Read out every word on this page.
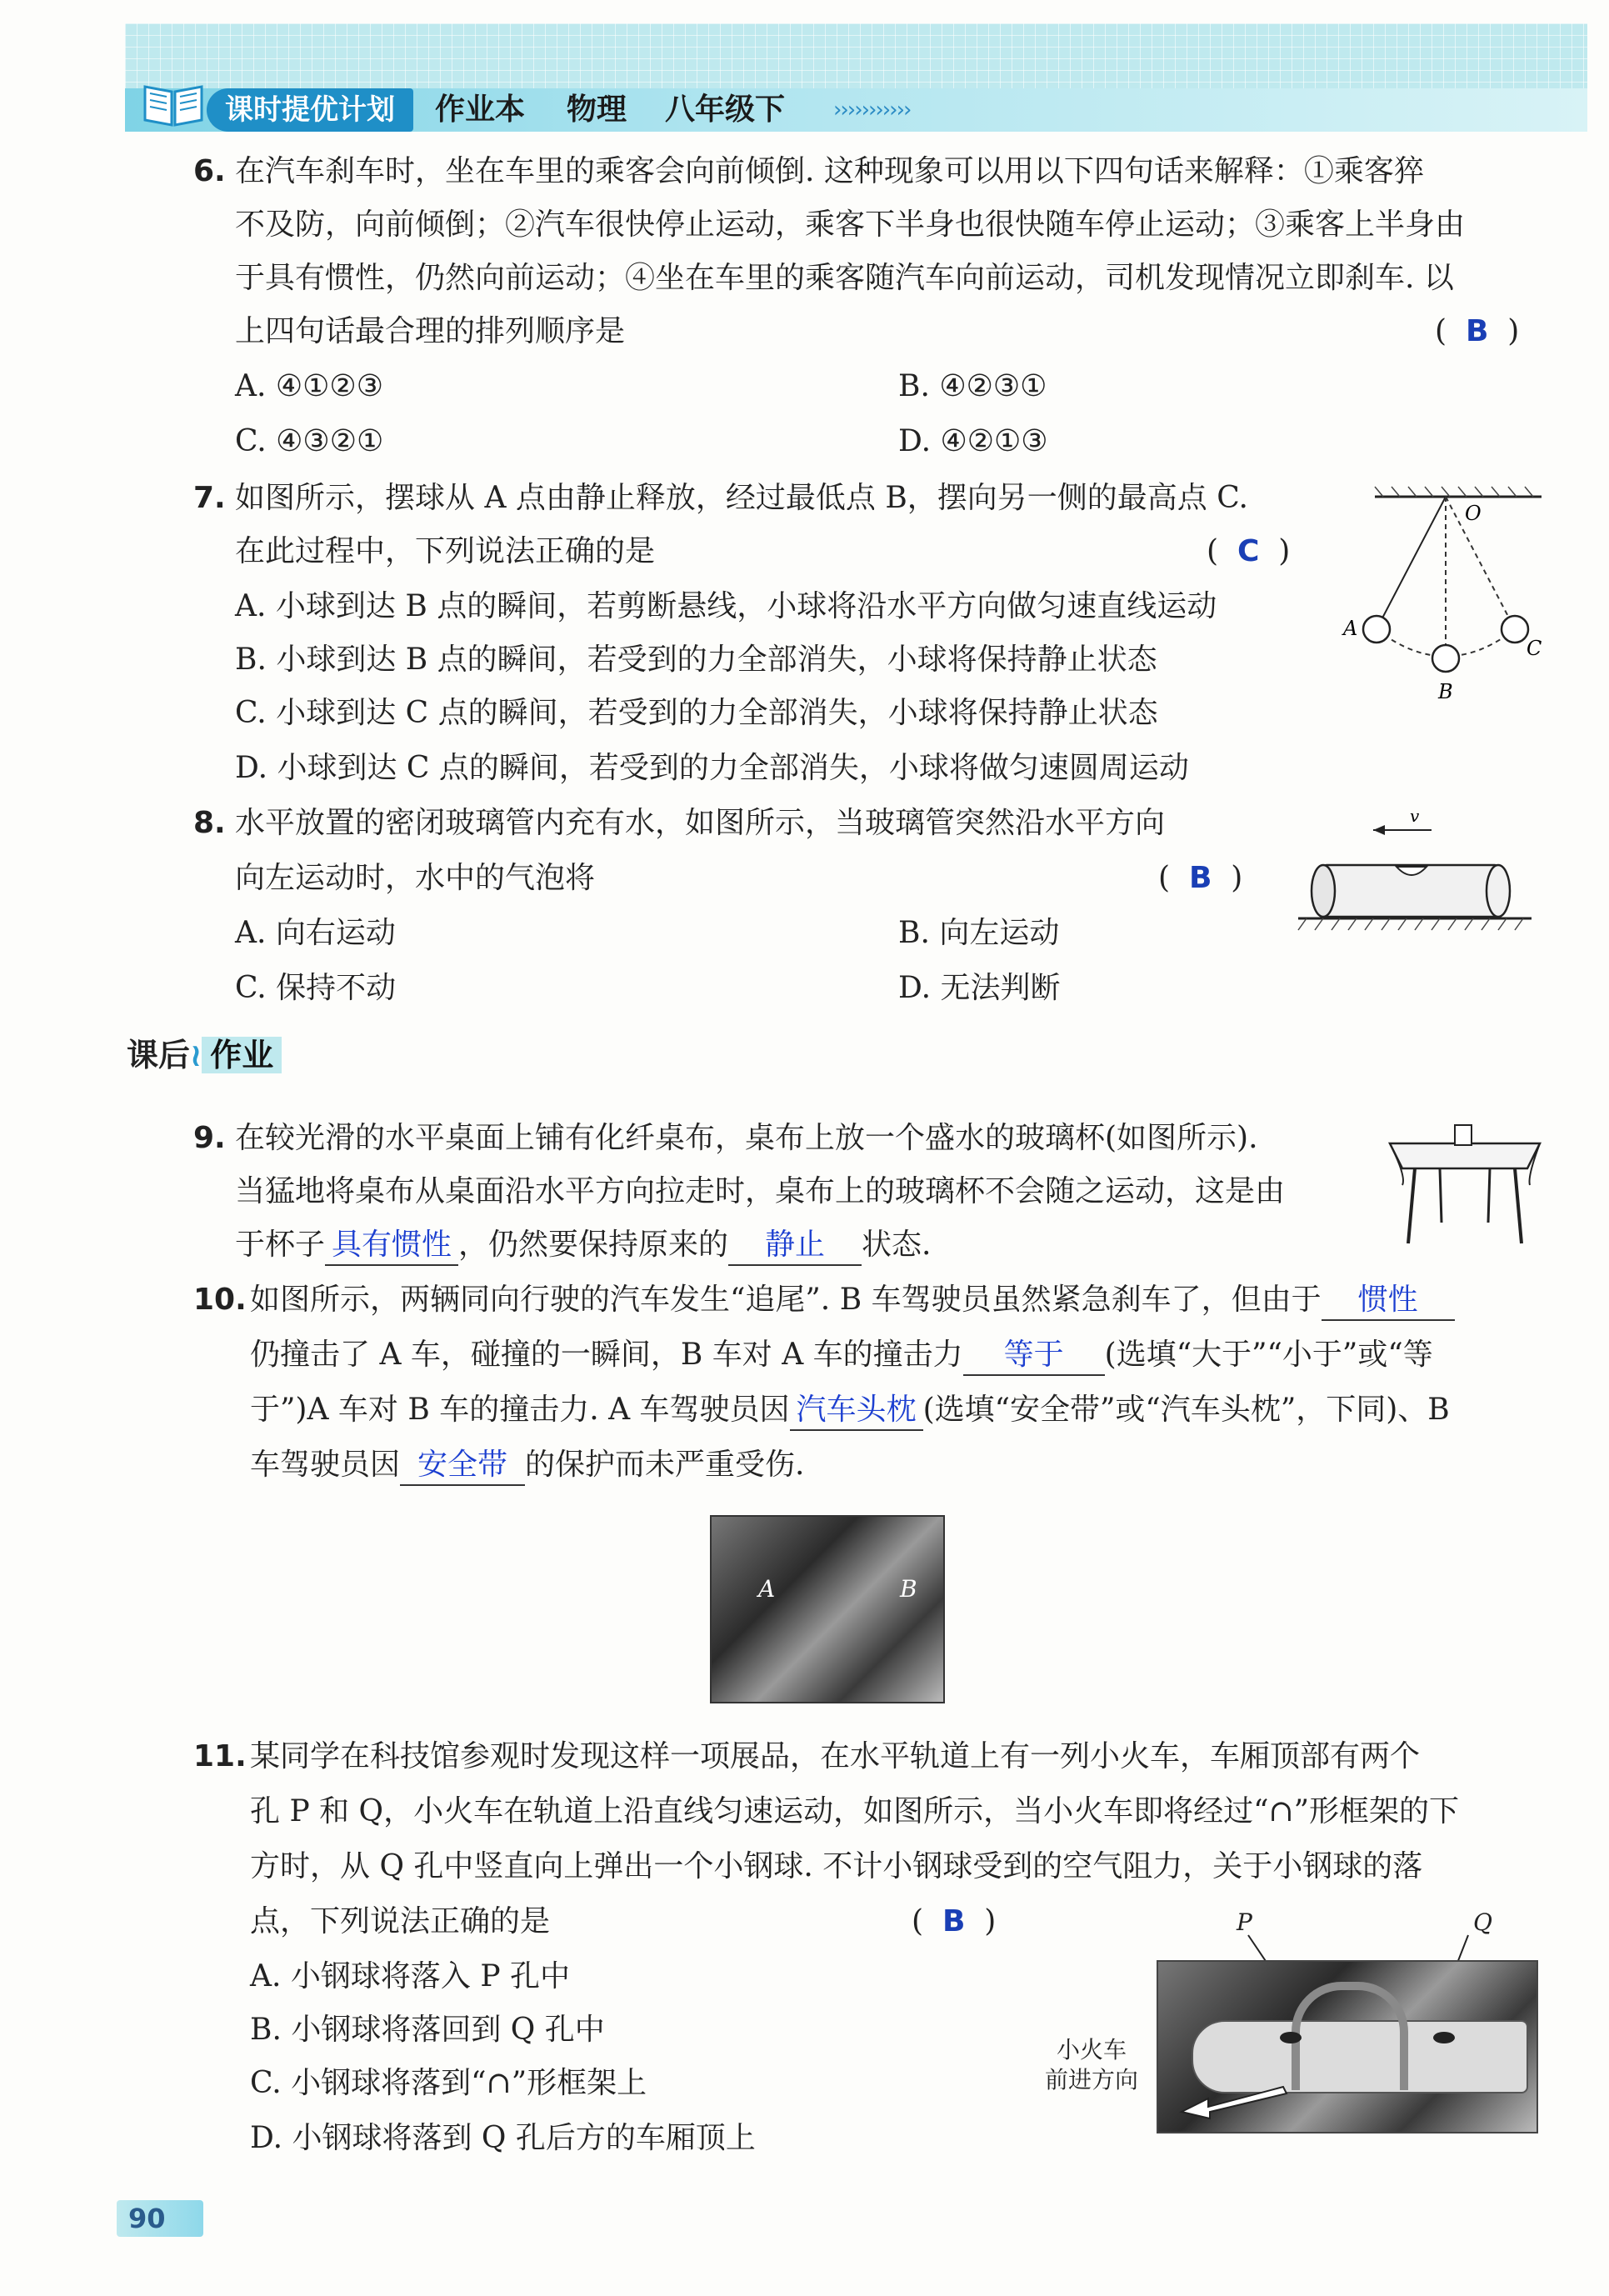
课时提优计划	作业本 物理 八年级下 ›››››››››››
6. 在汽车刹车时，坐在车里的乘客会向前倾倒. 这种现象可以用以下四句话来解释：①乘客猝
不及防，向前倾倒；②汽车很快停止运动，乘客下半身也很快随车停止运动；③乘客上半身由
于具有惯性，仍然向前运动；④坐在车里的乘客随汽车向前运动，司机发现情况立即刹车. 以
上四句话最合理的排列顺序是	(  B  )
A. ④①②③	B. ④②③①
C. ④③②①	D. ④②①③
7. 如图所示，摆球从 A 点由静止释放，经过最低点 B，摆向另一侧的最高点 C.
在此过程中，下列说法正确的是	(  C  )
A. 小球到达 B 点的瞬间，若剪断悬线，小球将沿水平方向做匀速直线运动
B. 小球到达 B 点的瞬间，若受到的力全部消失，小球将保持静止状态
C. 小球到达 C 点的瞬间，若受到的力全部消失，小球将保持静止状态
D. 小球到达 C 点的瞬间，若受到的力全部消失，小球将做匀速圆周运动
O
A
B
C
8. 水平放置的密闭玻璃管内充有水，如图所示，当玻璃管突然沿水平方向
向左运动时，水中的气泡将	(  B  )
A. 向右运动	B. 向左运动
C. 保持不动	D. 无法判断
v
课后≀ 作业
9. 在较光滑的水平桌面上铺有化纤桌布，桌布上放一个盛水的玻璃杯(如图所示).
当猛地将桌布从桌面沿水平方向拉走时，桌布上的玻璃杯不会随之运动，这是由
于杯子 具有惯性 ，仍然要保持原来的 静止 状态.
10. 如图所示，两辆同向行驶的汽车发生“追尾”. B 车驾驶员虽然紧急刹车了，但由于 惯性
仍撞击了 A 车，碰撞的一瞬间，B 车对 A 车的撞击力 等于 (选填“大于”“小于”或“等
于”)A 车对 B 车的撞击力. A 车驾驶员因 汽车头枕 (选填“安全带”或“汽车头枕”，下同)、B
车驾驶员因 安全带 的保护而未严重受伤.
A	B
11. 某同学在科技馆参观时发现这样一项展品，在水平轨道上有一列小火车，车厢顶部有两个
孔 P 和 Q，小火车在轨道上沿直线匀速运动，如图所示，当小火车即将经过“∩”形框架的下
方时，从 Q 孔中竖直向上弹出一个小钢球. 不计小钢球受到的空气阻力，关于小钢球的落
点，下列说法正确的是	(  B  )
A. 小钢球将落入 P 孔中
B. 小钢球将落回到 Q 孔中
C. 小钢球将落到“∩”形框架上
D. 小钢球将落到 Q 孔后方的车厢顶上
P	Q
小火车
前进方向
90
